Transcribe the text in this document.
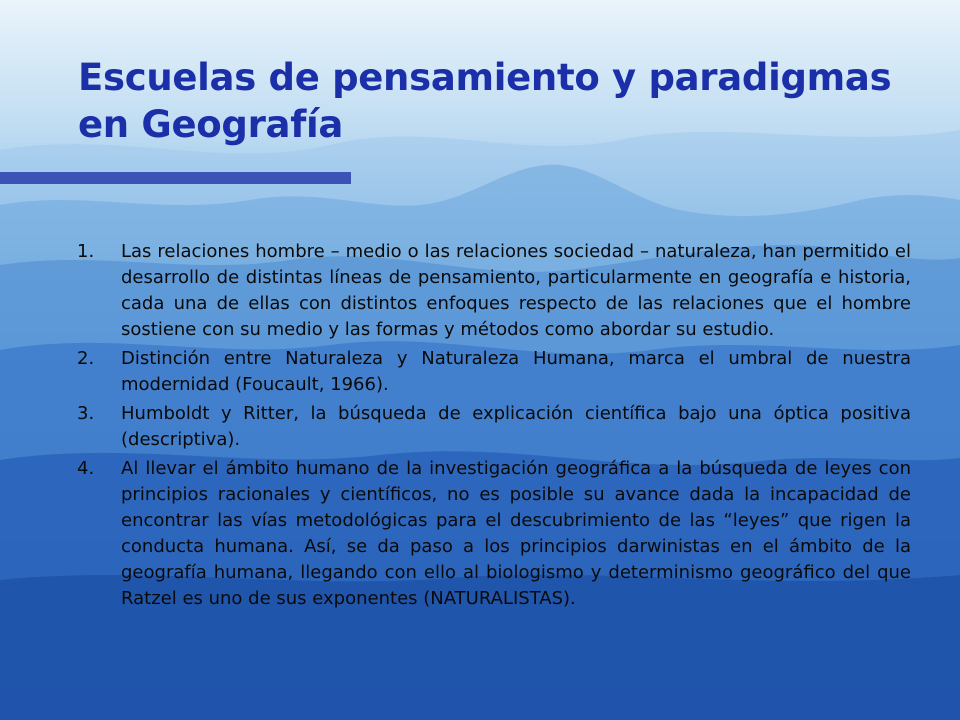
Escuelas de pensamiento y paradigmas
en Geografía
1. Las relaciones hombre – medio o las relaciones sociedad – naturaleza, han permitido el desarrollo de distintas líneas de pensamiento, particularmente en geografía e historia, cada una de ellas con distintos enfoques respecto de las relaciones que el hombre sostiene con su medio y las formas y métodos como abordar su estudio.
2. Distinción entre Naturaleza y Naturaleza Humana, marca el umbral de nuestra modernidad (Foucault, 1966).
3. Humboldt y Ritter, la búsqueda de explicación científica bajo una óptica positiva (descriptiva).
4. Al llevar el ámbito humano de la investigación geográfica a la búsqueda de leyes con principios racionales y científicos, no es posible su avance dada la incapacidad de encontrar las vías metodológicas para el descubrimiento de las “leyes” que rigen la conducta humana. Así, se da paso a los principios darwinistas en el ámbito de la geografía humana, llegando con ello al biologismo y determinismo geográfico del que Ratzel es uno de sus exponentes (NATURALISTAS).
